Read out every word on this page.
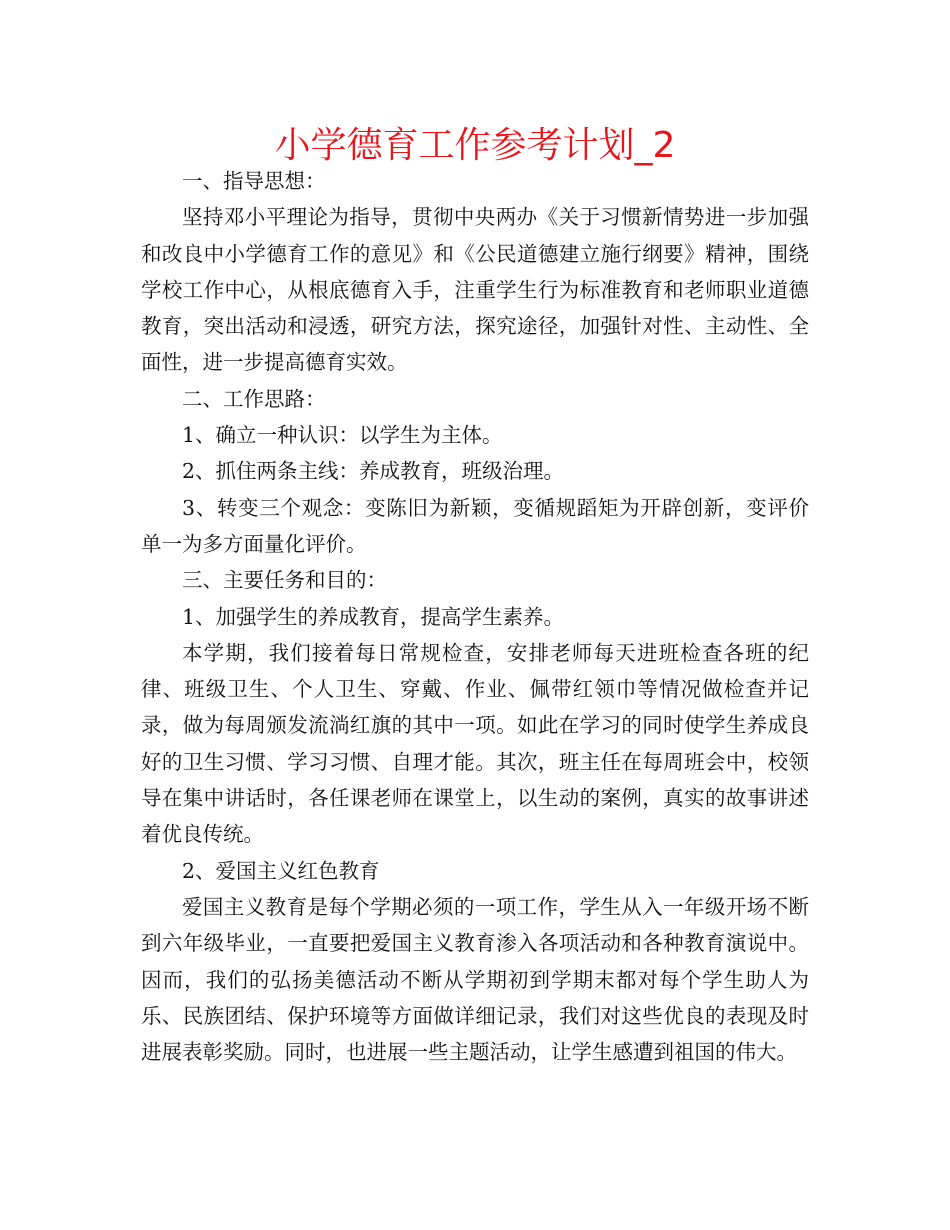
小学德育工作参考计划_2

一、指导思想：

坚持邓小平理论为指导，贯彻中央两办《关于习惯新情势进一步加强和改良中小学德育工作的意见》和《公民道德建立施行纲要》精神，围绕学校工作中心，从根底德育入手，注重学生行为标准教育和老师职业道德教育，突出活动和浸透，研究方法，探究途径，加强针对性、主动性、全面性，进一步提高德育实效。

二、工作思路：

1、确立一种认识：以学生为主体。

2、抓住两条主线：养成教育，班级治理。

3、转变三个观念：变陈旧为新颖，变循规蹈矩为开辟创新，变评价单一为多方面量化评价。

三、主要任务和目的：

1、加强学生的养成教育，提高学生素养。

本学期，我们接着每日常规检查，安排老师每天进班检查各班的纪律、班级卫生、个人卫生、穿戴、作业、佩带红领巾等情况做检查并记录，做为每周颁发流淌红旗的其中一项。如此在学习的同时使学生养成良好的卫生习惯、学习习惯、自理才能。其次，班主任在每周班会中，校领导在集中讲话时，各任课老师在课堂上，以生动的案例，真实的故事讲述着优良传统。

2、爱国主义红色教育

爱国主义教育是每个学期必须的一项工作，学生从入一年级开场不断到六年级毕业，一直要把爱国主义教育渗入各项活动和各种教育演说中。因而，我们的弘扬美德活动不断从学期初到学期末都对每个学生助人为乐、民族团结、保护环境等方面做详细记录，我们对这些优良的表现及时进展表彰奖励。同时，也进展一些主题活动，让学生感遭到祖国的伟大。
